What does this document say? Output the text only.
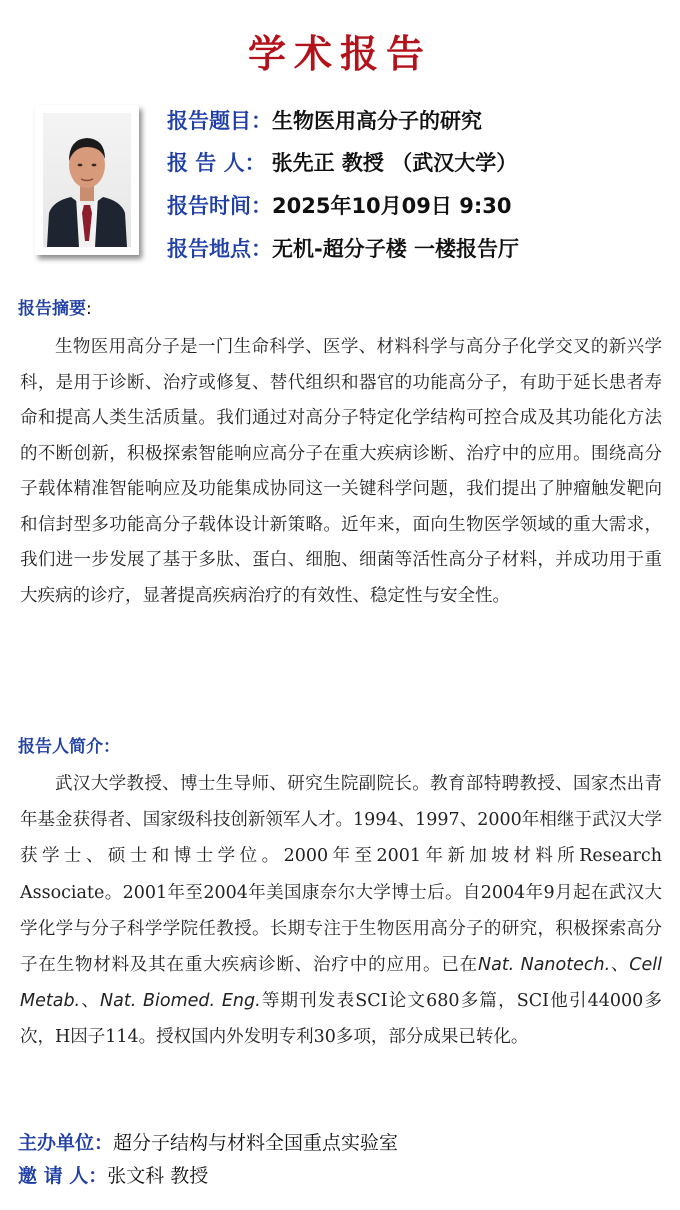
学术报告
报告题目：生物医用高分子的研究
报 告 人： 张先正 教授 （武汉大学）
报告时间：2025年10月09日 9:30
报告地点：无机-超分子楼 一楼报告厅
报告摘要:

生物医用高分子是一门生命科学、医学、材料科学与高分子化学交叉的新兴学科，是用于诊断、治疗或修复、替代组织和器官的功能高分子，有助于延长患者寿命和提高人类生活质量。我们通过对高分子特定化学结构可控合成及其功能化方法的不断创新，积极探索智能响应高分子在重大疾病诊断、治疗中的应用。围绕高分子载体精准智能响应及功能集成协同这一关键科学问题，我们提出了肿瘤触发靶向和信封型多功能高分子载体设计新策略。近年来，面向生物医学领域的重大需求，我们进一步发展了基于多肽、蛋白、细胞、细菌等活性高分子材料，并成功用于重大疾病的诊疗，显著提高疾病治疗的有效性、稳定性与安全性。

报告人简介：

武汉大学教授、博士生导师、研究生院副院长。教育部特聘教授、国家杰出青年基金获得者、国家级科技创新领军人才。1994、1997、2000年相继于武汉大学获学士、硕士和博士学位。2000年至2001年新加坡材料所Research Associate。2001年至2004年美国康奈尔大学博士后。自2004年9月起在武汉大学化学与分子科学学院任教授。长期专注于生物医用高分子的研究，积极探索高分子在生物材料及其在重大疾病诊断、治疗中的应用。已在Nat. Nanotech.、Cell Metab.、Nat. Biomed. Eng.等期刊发表SCI论文680多篇，SCI他引44000多次，H因子114。授权国内外发明专利30多项，部分成果已转化。

主办单位：超分子结构与材料全国重点实验室
邀 请 人：张文科 教授
